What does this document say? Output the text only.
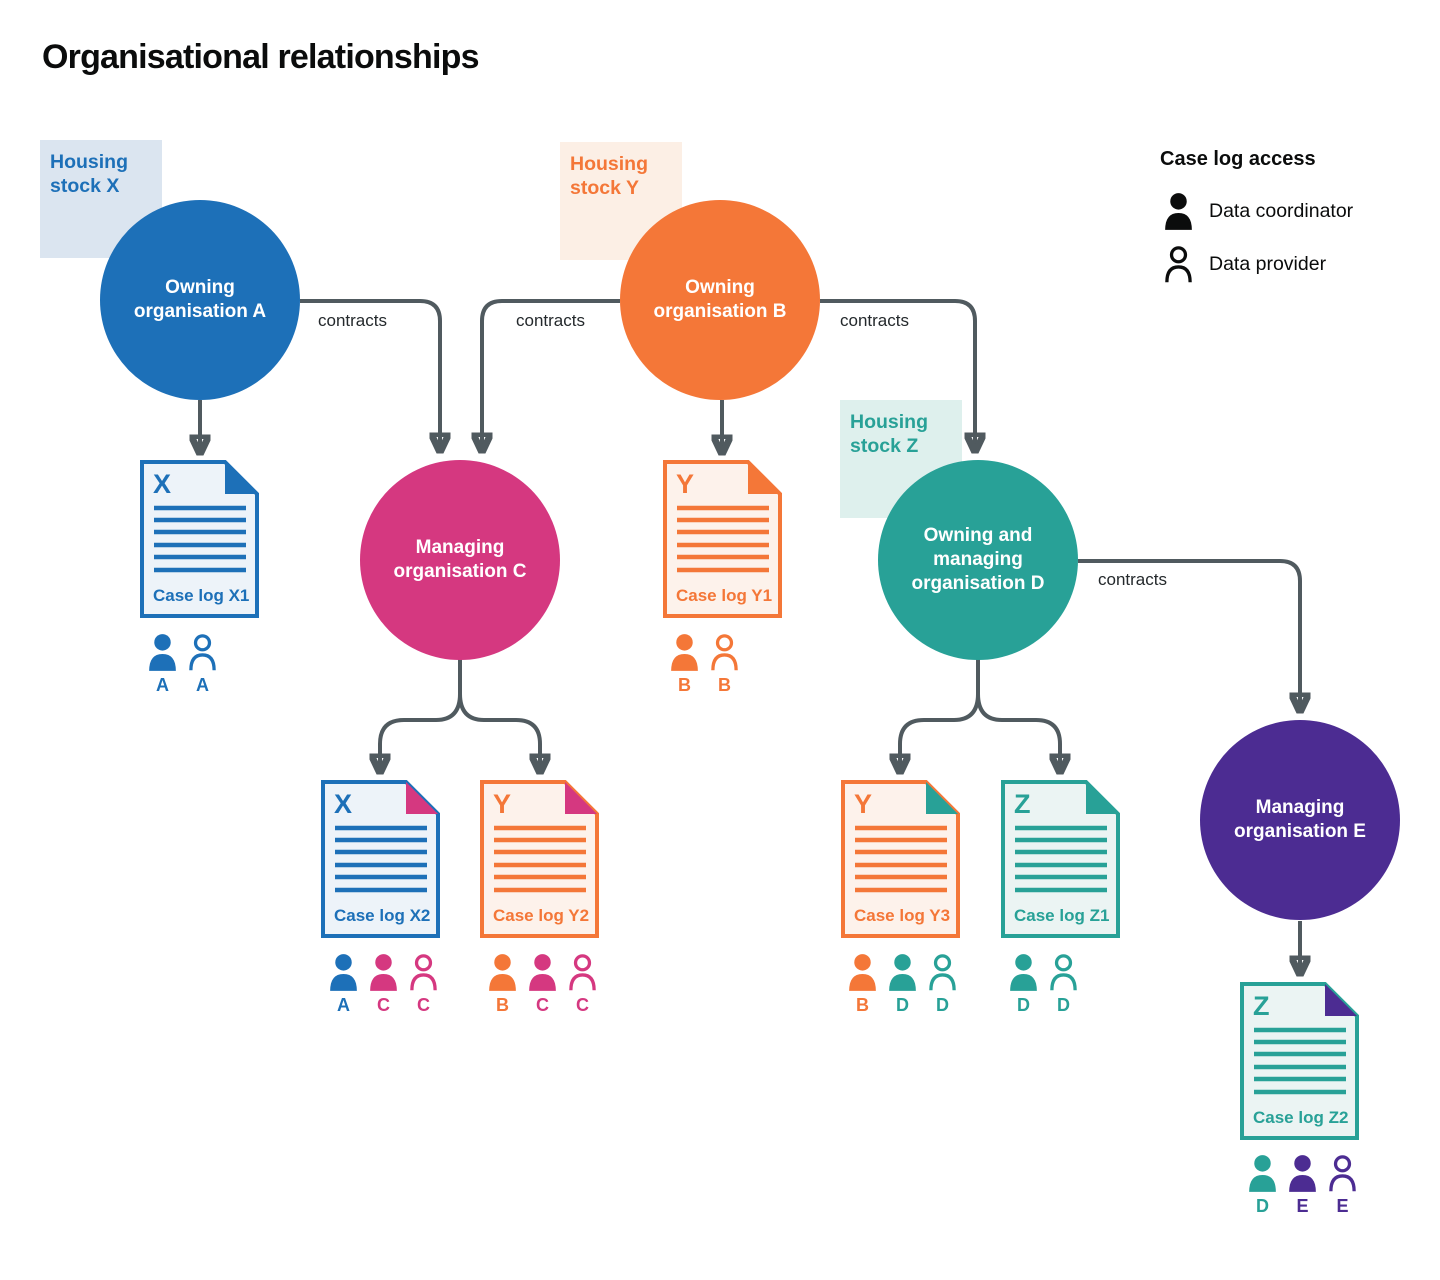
Organisational relationships
Housing stock X
Housing stock Y
Housing stock Z
contracts	contracts	contracts
contracts
Owning organisation A
Owning organisation B
Managing organisation C
Owning and managing organisation D
Managing organisation E
X
Case log X1
Y
Case log Y1
X
Case log X2
Y
Case log Y2
Y
Case log Y3
Z
Case log Z1
Z
Case log Z2
A A	B B
A C C	B C C	B D D	D D
D E E
Case log access
Data coordinator
Data provider
